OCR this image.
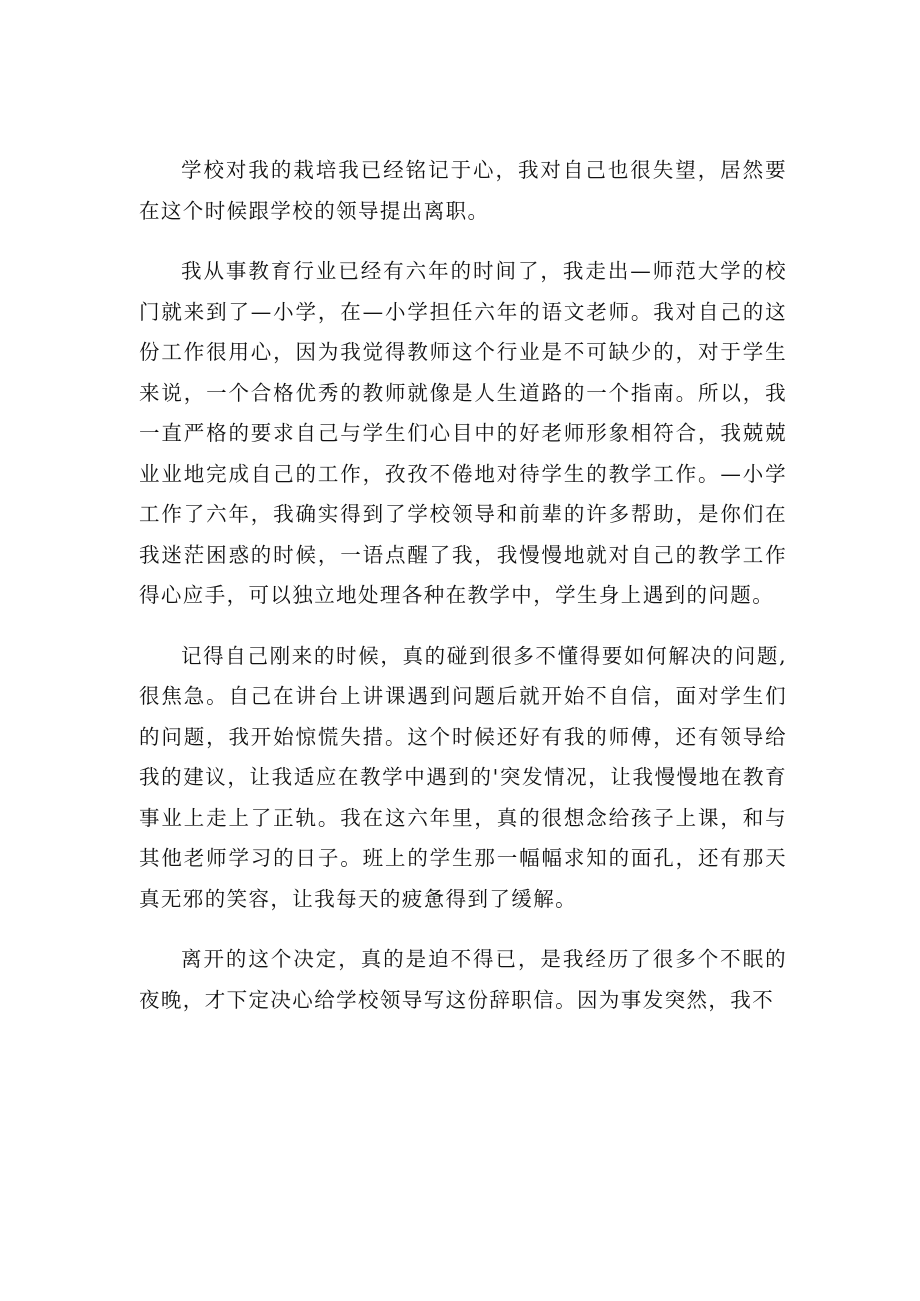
学校对我的栽培我已经铭记于心，我对自己也很失望，居然要在这个时候跟学校的领导提出离职。

我从事教育行业已经有六年的时间了，我走出—师范大学的校门就来到了—小学，在—小学担任六年的语文老师。我对自己的这份工作很用心，因为我觉得教师这个行业是不可缺少的，对于学生来说，一个合格优秀的教师就像是人生道路的一个指南。所以，我一直严格的要求自己与学生们心目中的好老师形象相符合，我兢兢业业地完成自己的工作，孜孜不倦地对待学生的教学工作。—小学工作了六年，我确实得到了学校领导和前辈的许多帮助，是你们在我迷茫困惑的时候，一语点醒了我，我慢慢地就对自己的教学工作得心应手，可以独立地处理各种在教学中，学生身上遇到的问题。

记得自己刚来的时候，真的碰到很多不懂得要如何解决的问题,很焦急。自己在讲台上讲课遇到问题后就开始不自信，面对学生们的问题，我开始惊慌失措。这个时候还好有我的师傅，还有领导给我的建议，让我适应在教学中遇到的'突发情况，让我慢慢地在教育事业上走上了正轨。我在这六年里，真的很想念给孩子上课，和与其他老师学习的日子。班上的学生那一幅幅求知的面孔，还有那天真无邪的笑容，让我每天的疲惫得到了缓解。

离开的这个决定，真的是迫不得已，是我经历了很多个不眠的夜晚，才下定决心给学校领导写这份辞职信。因为事发突然，我不
